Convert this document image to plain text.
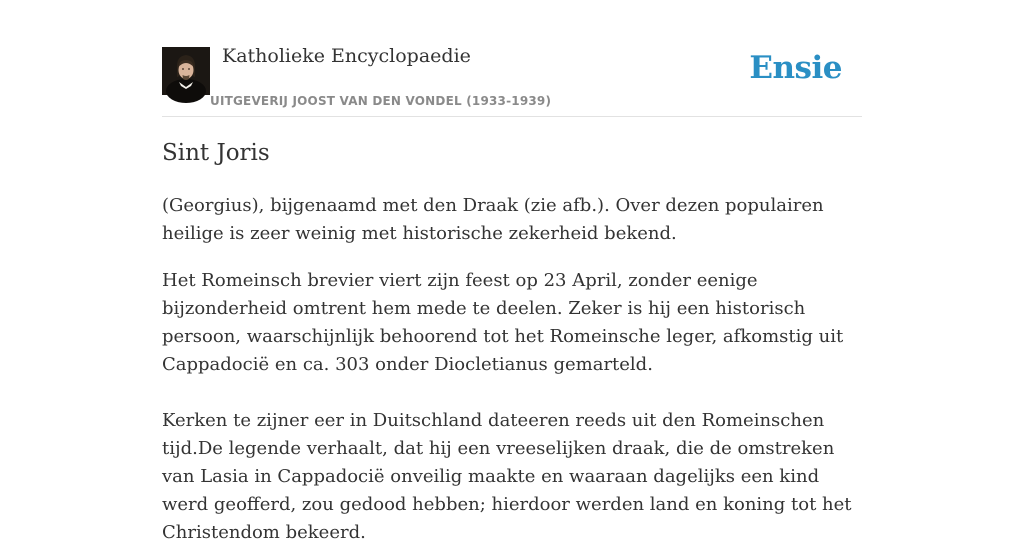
Katholieke Encyclopaedie
UITGEVERIJ JOOST VAN DEN VONDEL (1933-1939)
Ensie
Sint Joris

(Georgius), bijgenaamd met den Draak (zie afb.). Over dezen populairen heilige is zeer weinig met historische zekerheid bekend.

Het Romeinsch brevier viert zijn feest op 23 April, zonder eenige bijzonderheid omtrent hem mede te deelen. Zeker is hij een historisch persoon, waarschijnlijk behoorend tot het Romeinsche leger, afkomstig uit Cappadocië en ca. 303 onder Diocletianus gemarteld.

Kerken te zijner eer in Duitschland dateeren reeds uit den Romeinschen tijd.De legende verhaalt, dat hij een vreeselijken draak, die de omstreken van Lasia in Cappadocië onveilig maakte en waaraan dagelijks een kind werd geofferd, zou gedood hebben; hierdoor werden land en koning tot het Christendom bekeerd.
